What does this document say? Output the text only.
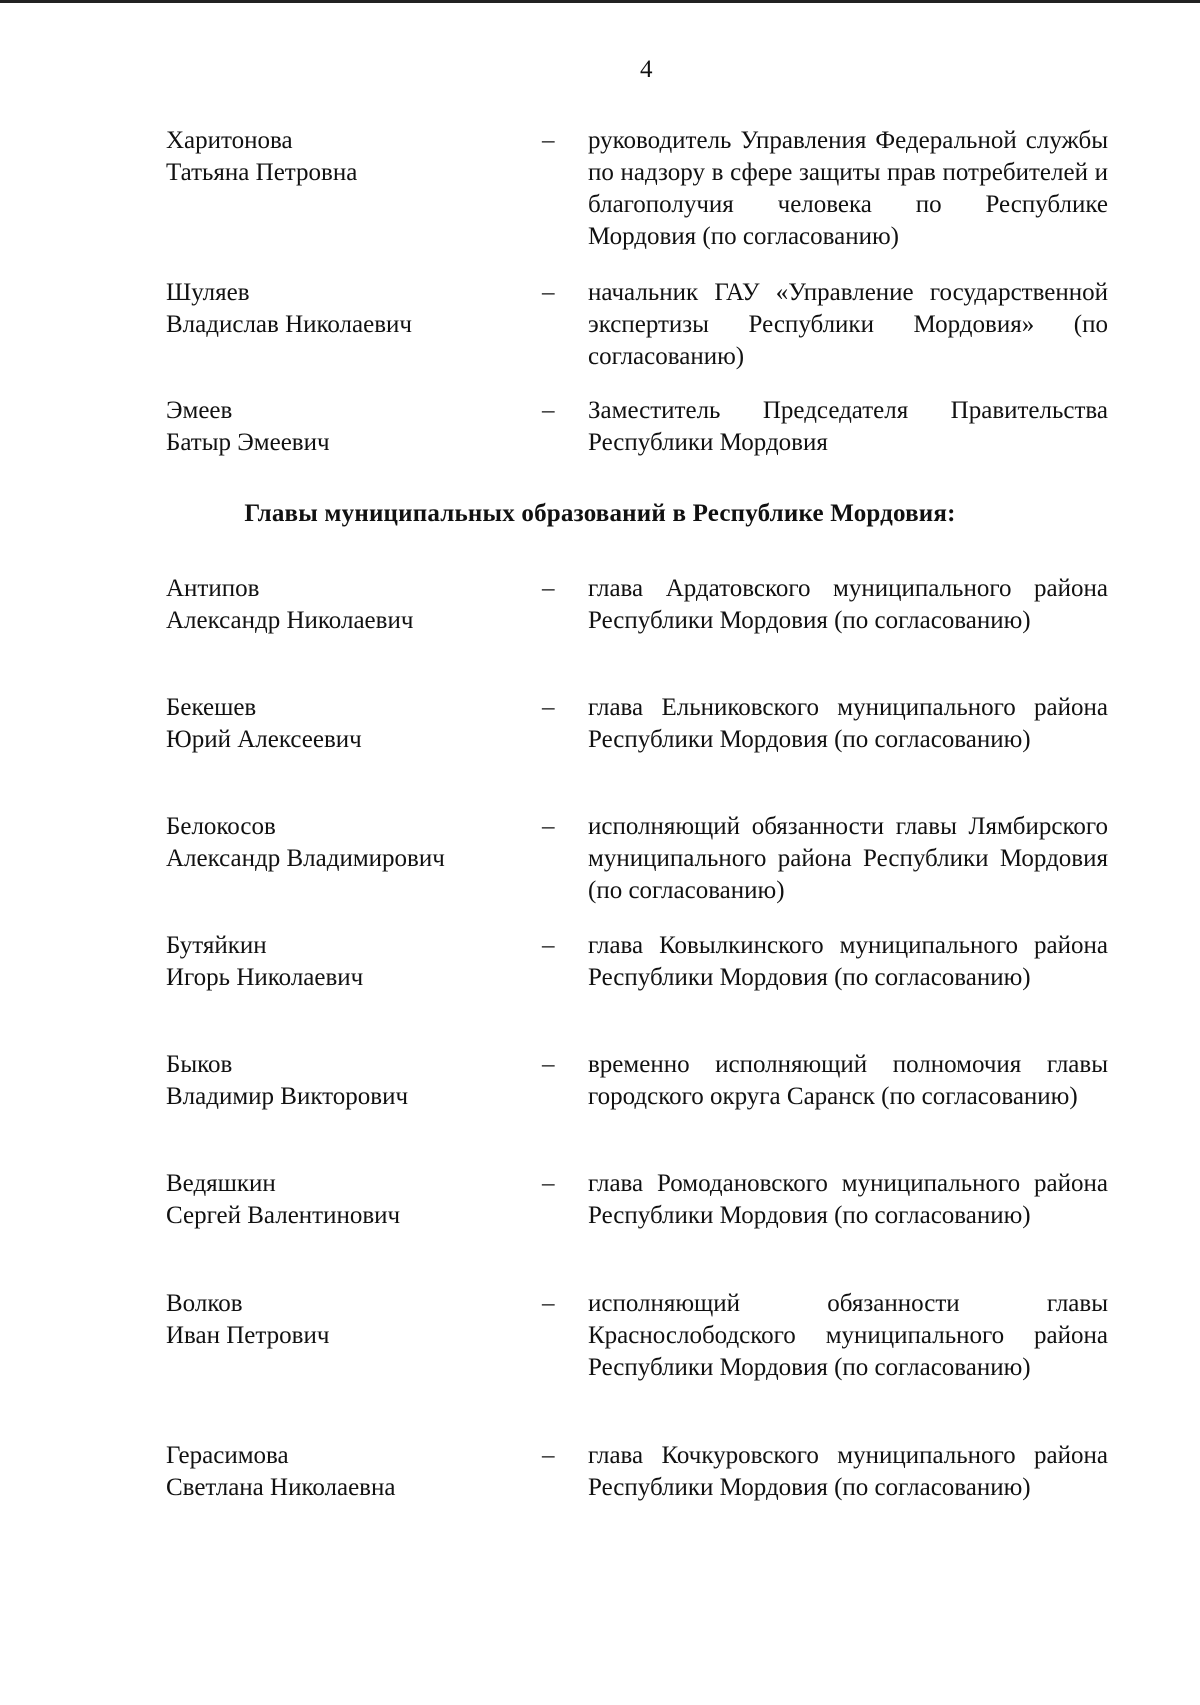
4
Харитонова
Татьяна Петровна
– руководитель Управления Федеральной службы по надзору в сфере защиты прав потребителей и благополучия человека по Республике Мордовия (по согласованию)
Шуляев
Владислав Николаевич
– начальник ГАУ «Управление государственной экспертизы Республики Мордовия» (по согласованию)
Эмеев
Батыр Эмеевич
– Заместитель Председателя Правительства Республики Мордовия
Главы муниципальных образований в Республике Мордовия:
Антипов
Александр Николаевич
– глава Ардатовского муниципального района Республики Мордовия (по согласованию)
Бекешев
Юрий Алексеевич
– глава Ельниковского муниципального района Республики Мордовия (по согласованию)
Белокосов
Александр Владимирович
– исполняющий обязанности главы Лямбирского муниципального района Республики Мордовия (по согласованию)
Бутяйкин
Игорь Николаевич
– глава Ковылкинского муниципального района Республики Мордовия (по согласованию)
Быков
Владимир Викторович
– временно исполняющий полномочия главы городского округа Саранск (по согласованию)
Ведяшкин
Сергей Валентинович
– глава Ромодановского муниципального района Республики Мордовия (по согласованию)
Волков
Иван Петрович
– исполняющий обязанности главы Краснослободского муниципального района Республики Мордовия (по согласованию)
Герасимова
Светлана Николаевна
– глава Кочкуровского муниципального района Республики Мордовия (по согласованию)
